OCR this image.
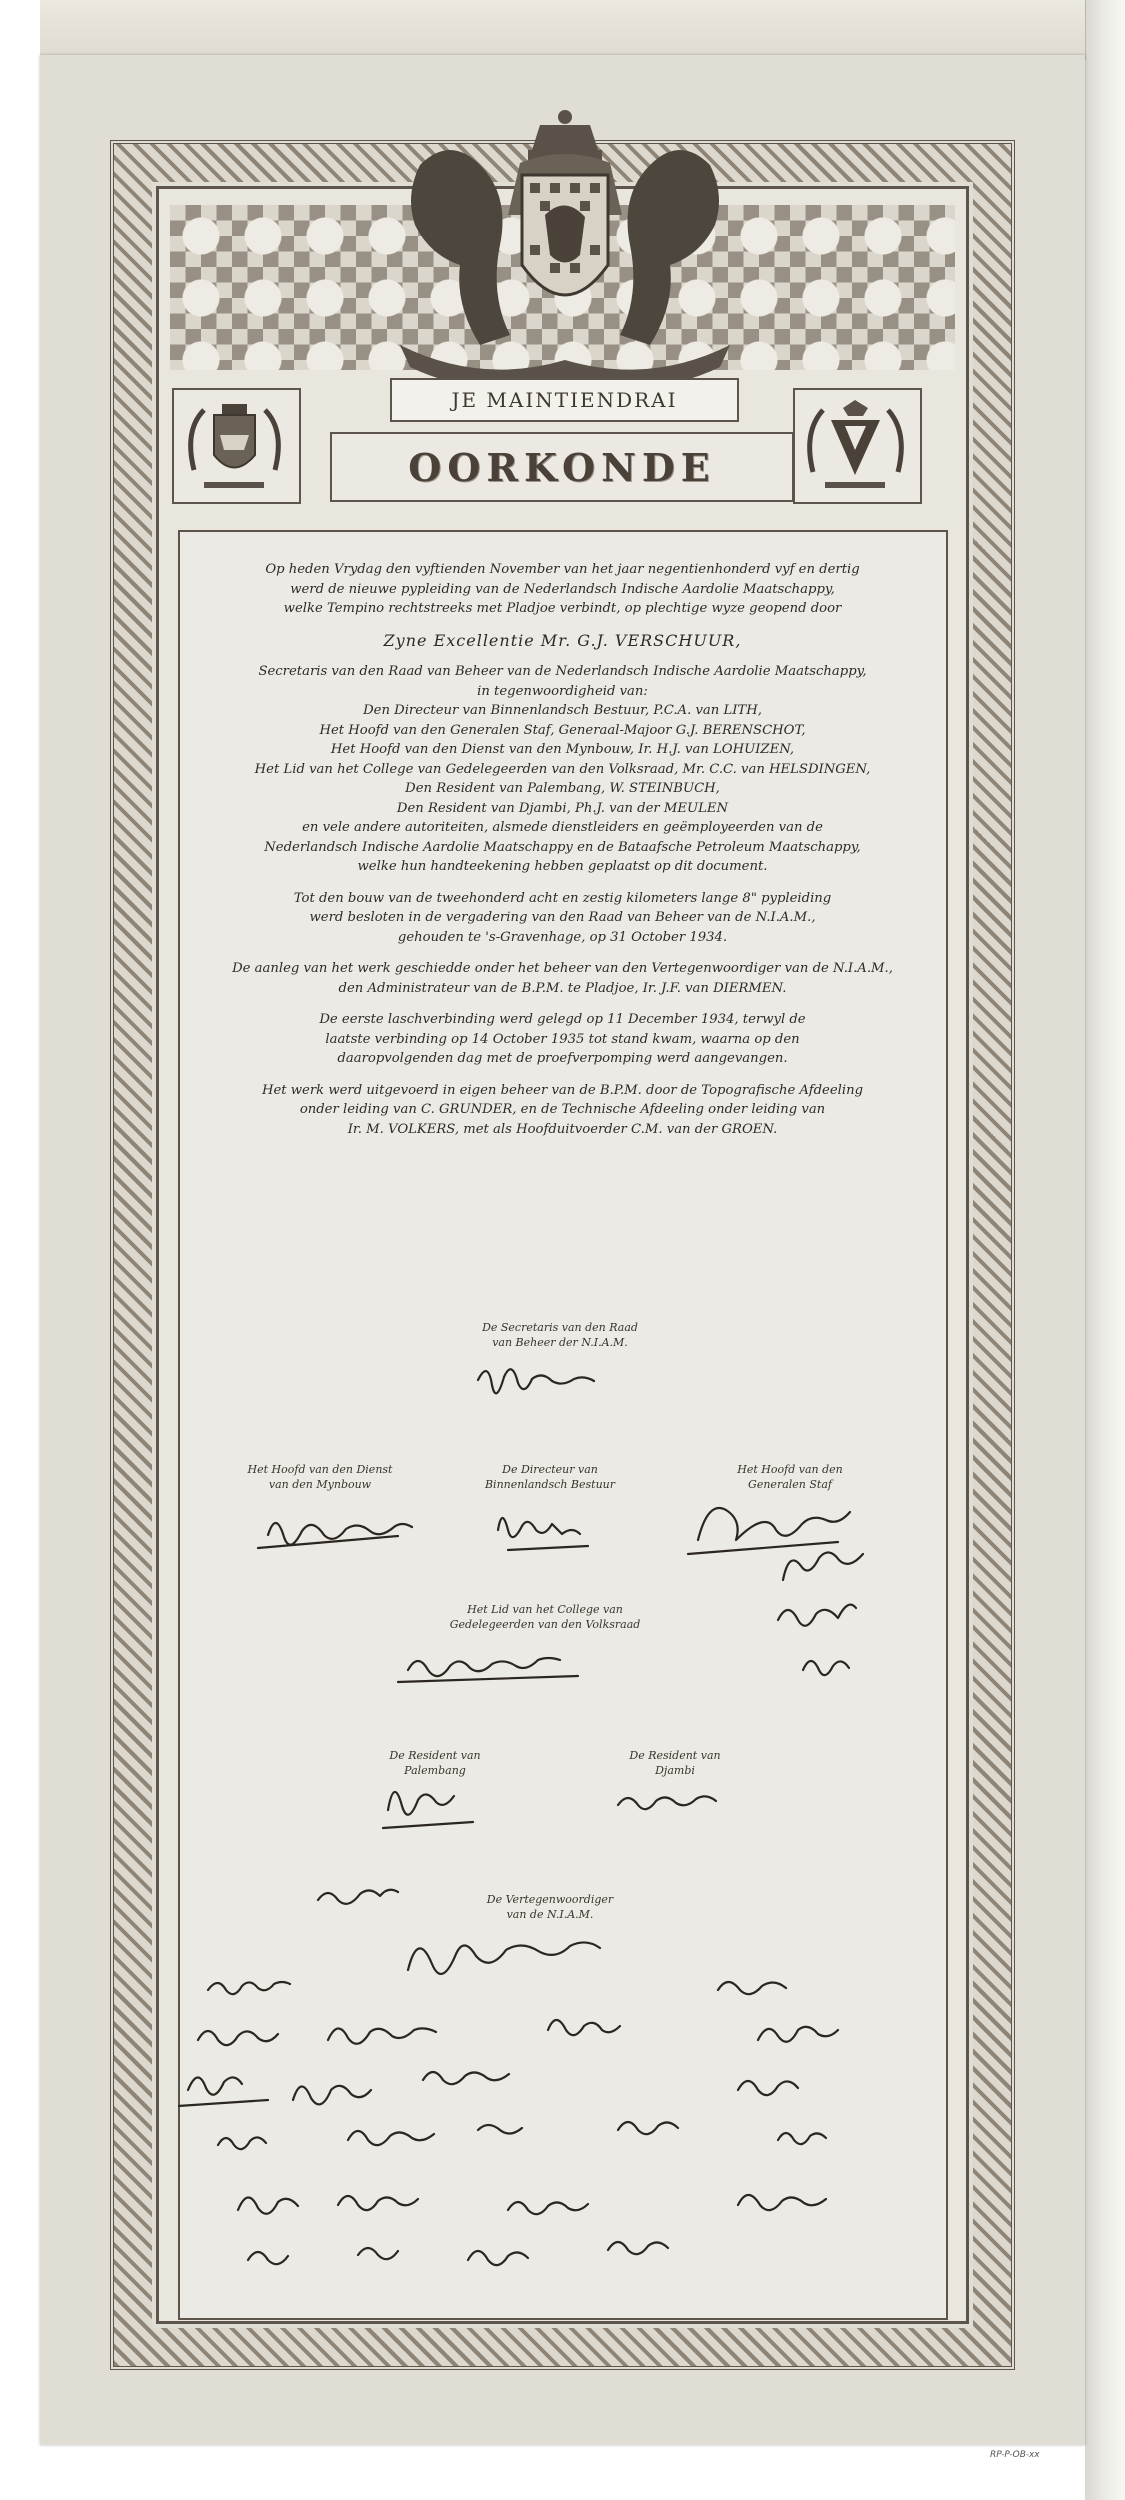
JE MAINTIENDRAI
OORKONDE

Op heden Vrydag den vyftienden November van het jaar negentienhonderd vyf en dertig
werd de nieuwe pypleiding van de Nederlandsch Indische Aardolie Maatschappy,
welke Tempino rechtstreeks met Pladjoe verbindt, op plechtige wyze geopend door

Zyne Excellentie Mr. G.J. VERSCHUUR,

Secretaris van den Raad van Beheer van de Nederlandsch Indische Aardolie Maatschappy,
in tegenwoordigheid van:
Den Directeur van Binnenlandsch Bestuur, P.C.A. van LITH,
Het Hoofd van den Generalen Staf, Generaal-Majoor G.J. BERENSCHOT,
Het Hoofd van den Dienst van den Mynbouw, Ir. H.J. van LOHUIZEN,
Het Lid van het College van Gedelegeerden van den Volksraad, Mr. C.C. van HELSDINGEN,
Den Resident van Palembang, W. STEINBUCH,
Den Resident van Djambi, Ph.J. van der MEULEN
en vele andere autoriteiten, alsmede dienstleiders en geëmployeerden van de
Nederlandsch Indische Aardolie Maatschappy en de Bataafsche Petroleum Maatschappy,
welke hun handteekening hebben geplaatst op dit document.

Tot den bouw van de tweehonderd acht en zestig kilometers lange 8" pypleiding
werd besloten in de vergadering van den Raad van Beheer van de N.I.A.M.,
gehouden te 's-Gravenhage, op 31 October 1934.

De aanleg van het werk geschiedde onder het beheer van den Vertegenwoordiger van de N.I.A.M.,
den Administrateur van de B.P.M. te Pladjoe, Ir. J.F. van DIERMEN.

De eerste laschverbinding werd gelegd op 11 December 1934, terwyl de
laatste verbinding op 14 October 1935 tot stand kwam, waarna op den
daaropvolgenden dag met de proefverpomping werd aangevangen.

Het werk werd uitgevoerd in eigen beheer van de B.P.M. door de Topografische Afdeeling
onder leiding van C. GRUNDER, en de Technische Afdeeling onder leiding van
Ir. M. VOLKERS, met als Hoofduitvoerder C.M. van der GROEN.

De Secretaris van den Raad
van Beheer der N.I.A.M.
Het Hoofd van den Dienst
van den Mynbouw
De Directeur van
Binnenlandsch Bestuur
Het Hoofd van den
Generalen Staf
Het Lid van het College van
Gedelegeerden van den Volksraad
De Resident van
Palembang
De Resident van
Djambi
De Vertegenwoordiger
van de N.I.A.M.
RP-P-OB-xx
